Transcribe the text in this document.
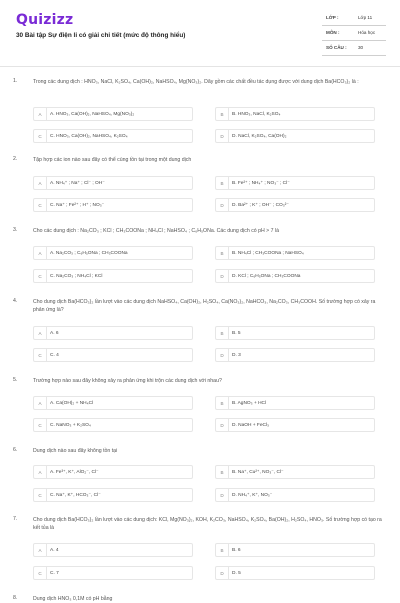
Quizizz
30 Bài tập Sự điện li có giải chi tiết (mức độ thông hiểu)
LỚP :	Lớp 11
MÔN :	Hóa học
SỐ CÂU : 30
1.	Trong các dung dịch : HNO₃, NaCl, K₂SO₄, Ca(OH)₂, NaHSO₄, Mg(NO₃)₂. Dãy gồm các chất đều tác dụng được với dung dịch Ba(HCO₃)₂ là :
A	A. HNO₃, Ca(OH)₂, NaHSO₄, Mg(NO₃)₂	B	B. HNO₃, NaCl, K₂SO₄
C	C. HNO₃, Ca(OH)₂, NaHSO₄, K₂SO₄	D	D. NaCl, K₂SO₄, Ca(OH)₂
2.	Tập hợp các ion nào sau đây có thể cùng tồn tại trong một dung dịch
A	A. NH₄⁺ ; Na⁺ ; Cl⁻ ; OH⁻	B	B. Fe²⁺ ; NH₄⁺ ; NO₃⁻ ; Cl⁻
C	C. Na⁺ ; Fe²⁺ ; H⁺ ; NO₃⁻	D	D. Ba²⁺ ; K⁺ ; OH⁻ ; CO₃²⁻
3.	Cho các dung dịch : Na₂CO₃ ; KCl ; CH₃COONa ; NH₄Cl ; NaHSO₄ ; C₆H₅ONa. Các dung dịch có pH > 7 là
A	A. Na₂CO₃ ; C₆H₅ONa ; CH₃COONa	B	B. NH₄Cl ; CH₃COONa ; NaHSO₄
C	C. Na₂CO₃ ; NH₄Cl ; KCl	D	D. KCl ; C₆H₅ONa ; CH₃COONa
4.	Cho dung dịch Ba(HCO₃)₂ lần lượt vào các dung dịch NaHSO₄, Ca(OH)₂, H₂SO₄, Ca(NO₃)₂, NaHCO₃, Na₂CO₃, CH₃COOH. Số trường hợp có xảy ra phản ứng là?
A	A. 6	B	B. 5
C	C. 4	D	D. 3
5.	Trường hợp nào sau đây không xảy ra phản ứng khi trộn các dung dịch với nhau?
A	A. Ca(OH)₂ + NH₄Cl	B	B. AgNO₃ + HCl
C	C. NaNO₃ + K₂SO₄	D	D. NaOH + FeCl₃
6.	Dung dịch nào sau đây không tồn tại
A	A. Fe³⁺, K⁺, AlO₂⁻, Cl⁻	B	B. Na⁺, Cu²⁺, NO₃⁻, Cl⁻
C	C. Na⁺, K⁺, HCO₃⁻, Cl⁻	D	D. NH₄⁺, K⁺, NO₃⁻
7.	Cho dung dịch Ba(HCO₃)₂ lần lượt vào các dung dịch: KCl, Mg(NO₃)₂, KOH, K₂CO₃, NaHSO₄, K₂SO₄, Ba(OH)₂, H₂SO₄, HNO₃. Số trường hợp có tạo ra kết tủa là
A	A. 4	B	B. 6
C	C. 7	D	D. 5
8.	Dung dịch HNO₃ 0,1M có pH bằng
